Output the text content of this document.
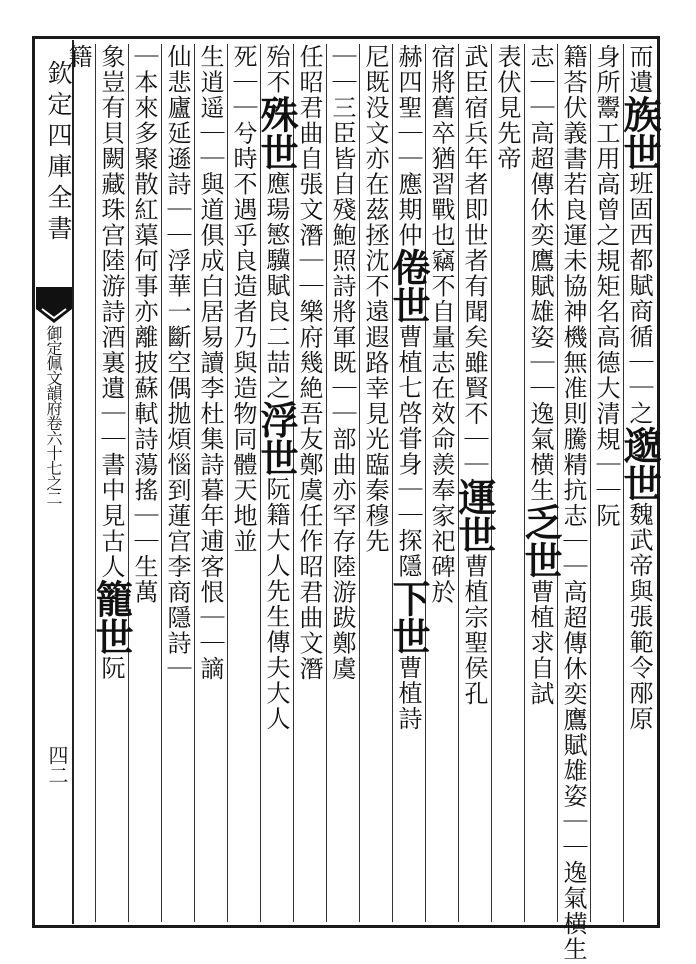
欽定四庫全書
御定佩文韻府卷六十七之二
四二
而遺族世班固西都賦商循｜｜之邈世魏武帝與張範令邴原
身所鬻工用高曾之規矩名高德大清規｜｜阮
籍荅伏義書若良運未協神機無准則騰精抗志｜｜高超傳休奕鷹賦雄姿｜｜逸氣横生
志｜｜高超傳休奕鷹賦雄姿｜｜逸氣横生乏世曹植求自試
表伏見先帝
武臣宿兵年者即世者有聞矣雖賢不｜｜運世曹植宗聖侯孔
宿將舊卒猶習戰也竊不自量志在效命羨奉家祀碑於
赫四聖｜｜應期仲倦世曹植七啓甞身｜｜探隱下世曹植詩
尼既没文亦在茲拯沈不遠遐路幸見光臨秦穆先
｜｜三臣皆自殘鮑照詩將軍既｜｜部曲亦罕存陸游跋鄭虞
任昭君曲自張文潛｜｜樂府幾絶吾友鄭虞任作昭君曲文潛
殆不殊世應瑒慜驥賦良二喆之浮世阮籍大人先生傳夫大人
死｜｜兮時不遇乎良造者乃與造物同體天地並
生逍遥｜｜與道俱成白居易讀李杜集詩暮年逋客恨｜｜謫
仙悲廬延遜詩｜｜浮華一斷空偶拋煩惱到蓮宫李商隱詩｜
｜本來多聚散紅蕖何事亦離披蘇軾詩蕩搖｜｜生萬
象豈有貝闕藏珠宫陸游詩酒裏遺｜｜書中見古人籠世阮
籍
